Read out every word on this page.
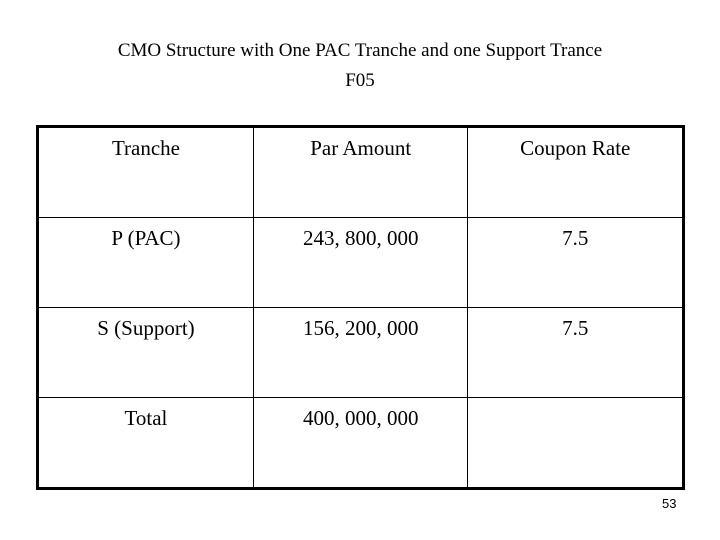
CMO Structure with One PAC Tranche and one Support Trance
F05
Tranche	Par Amount	Coupon Rate
P (PAC)	243, 800, 000	7.5
S (Support)	156, 200, 000	7.5
Total	400, 000, 000	
53
